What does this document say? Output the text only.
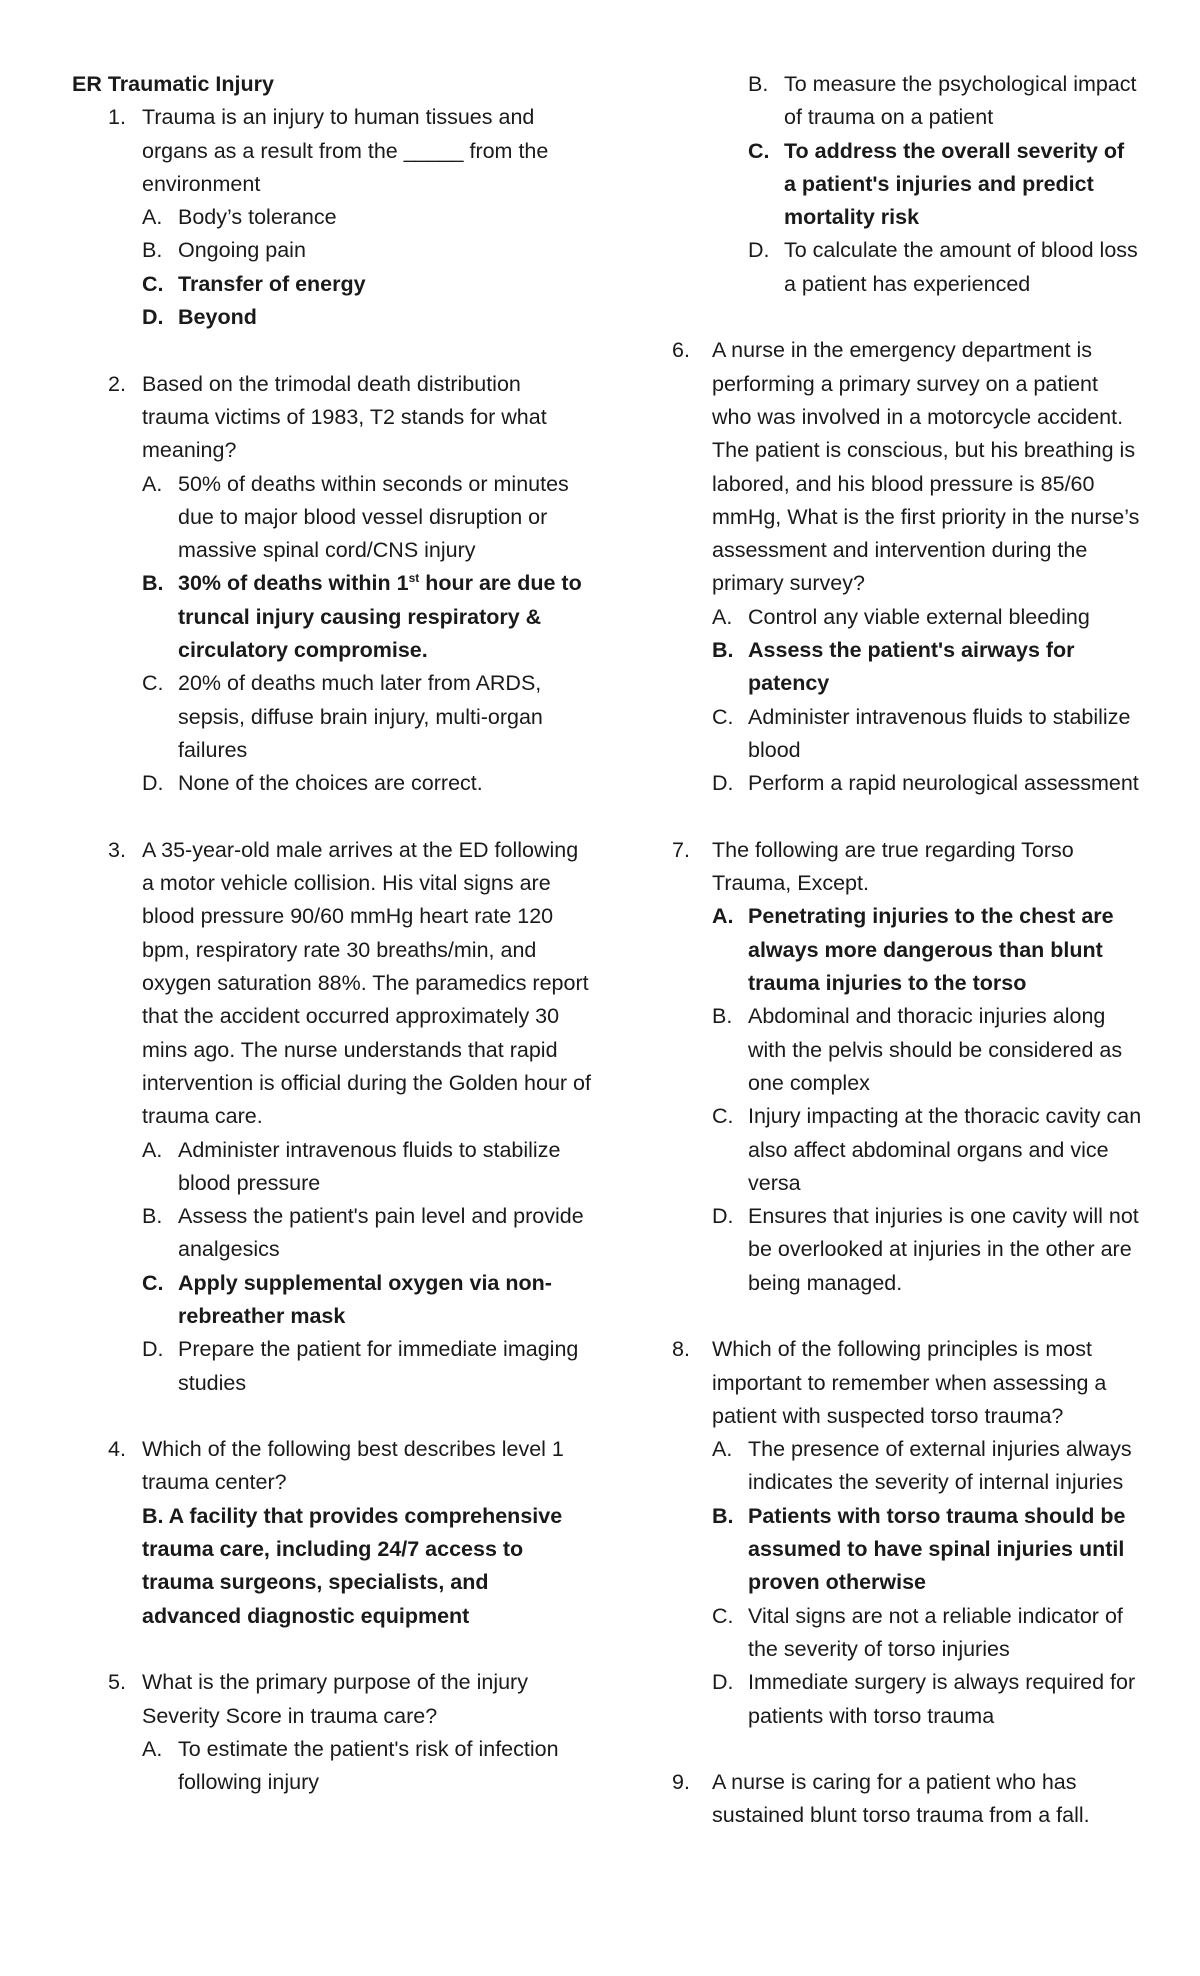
ER Traumatic Injury

1. Trauma is an injury to human tissues and organs as a result from the _____ from the environment
A. Body’s tolerance
B. Ongoing pain
C. Transfer of energy
D. Beyond
2. Based on the trimodal death distribution trauma victims of 1983, T2 stands for what meaning?
A. 50% of deaths within seconds or minutes due to major blood vessel disruption or massive spinal cord/CNS injury
B. 30% of deaths within 1st hour are due to truncal injury causing respiratory & circulatory compromise.
C. 20% of deaths much later from ARDS, sepsis, diffuse brain injury, multi-organ failures
D. None of the choices are correct.
3. A 35-year-old male arrives at the ED following a motor vehicle collision. His vital signs are blood pressure 90/60 mmHg heart rate 120 bpm, respiratory rate 30 breaths/min, and oxygen saturation 88%. The paramedics report that the accident occurred approximately 30 mins ago. The nurse understands that rapid intervention is official during the Golden hour of trauma care.
A. Administer intravenous fluids to stabilize blood pressure
B. Assess the patient's pain level and provide analgesics
C. Apply supplemental oxygen via non-rebreather mask
D. Prepare the patient for immediate imaging studies
4. Which of the following best describes level 1 trauma center?
B. A facility that provides comprehensive trauma care, including 24/7 access to trauma surgeons, specialists, and advanced diagnostic equipment
5. What is the primary purpose of the injury Severity Score in trauma care?
A. To estimate the patient's risk of infection following injury
B. To measure the psychological impact of trauma on a patient
C. To address the overall severity of a patient's injuries and predict mortality risk
D. To calculate the amount of blood loss a patient has experienced
6. A nurse in the emergency department is performing a primary survey on a patient who was involved in a motorcycle accident. The patient is conscious, but his breathing is labored, and his blood pressure is 85/60 mmHg, What is the first priority in the nurse’s assessment and intervention during the primary survey?
A. Control any viable external bleeding
B. Assess the patient's airways for patency
C. Administer intravenous fluids to stabilize blood
D. Perform a rapid neurological assessment
7. The following are true regarding Torso Trauma, Except.
A. Penetrating injuries to the chest are always more dangerous than blunt trauma injuries to the torso
B. Abdominal and thoracic injuries along with the pelvis should be considered as one complex
C. Injury impacting at the thoracic cavity can also affect abdominal organs and vice versa
D. Ensures that injuries is one cavity will not be overlooked at injuries in the other are being managed.
8. Which of the following principles is most important to remember when assessing a patient with suspected torso trauma?
A. The presence of external injuries always indicates the severity of internal injuries
B. Patients with torso trauma should be assumed to have spinal injuries until proven otherwise
C. Vital signs are not a reliable indicator of the severity of torso injuries
D. Immediate surgery is always required for patients with torso trauma
9. A nurse is caring for a patient who has sustained blunt torso trauma from a fall.
